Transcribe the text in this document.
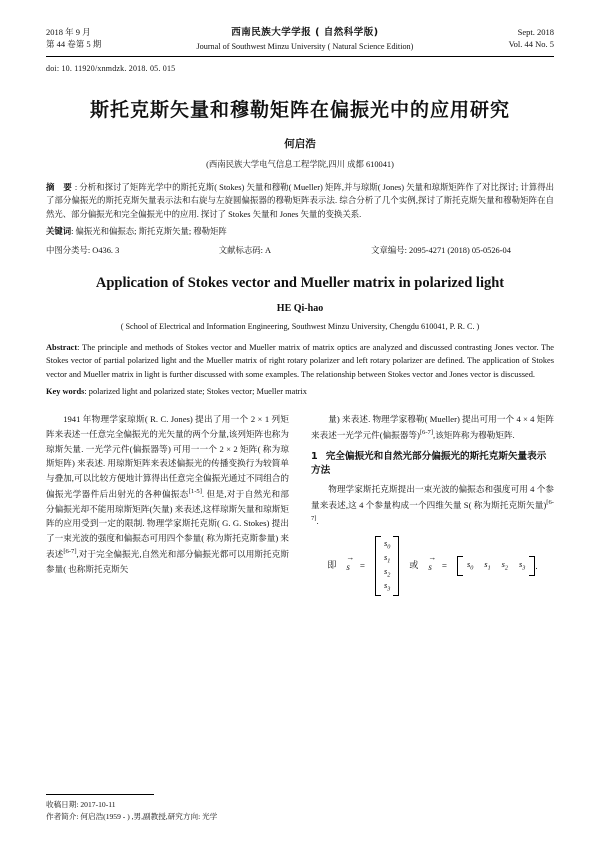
2018 年 9 月
第 44 卷第 5 期
西南民族大学学报 ( 自然科学版)
Journal of Southwest Minzu University ( Natural Science Edition)
Sept. 2018
Vol. 44 No. 5
doi: 10. 11920/xnmdzk. 2018. 05. 015
斯托克斯矢量和穆勒矩阵在偏振光中的应用研究
何启浩
(西南民族大学电气信息工程学院,四川 成都 610041)

摘 要: 分析和探讨了矩阵光学中的斯托克斯( Stokes) 矢量和穆勒( Mueller) 矩阵,并与琼斯( Jones) 矢量和琼斯矩阵作了对比探讨; 计算得出了部分偏振光的斯托克斯矢量表示法和右旋与左旋圆偏振器的穆勒矩阵表示法. 综合分析了几个实例,探讨了斯托克斯矢量和穆勒矩阵在自然光、部分偏振光和完全偏振光中的应用. 探讨了 Stokes 矢量和 Jones 矢量的变换关系.

关键词: 偏振光和偏振态; 斯托克斯矢量; 穆勒矩阵
中图分类号: O436. 3	文献标志码: A	文章编号: 2095-4271 (2018) 05-0526-04
Application of Stokes vector and Mueller matrix in polarized light
HE Qi-hao
( School of Electrical and Information Engineering, Southwest Minzu University, Chengdu 610041, P. R. C. )
Abstract: The principle and methods of Stokes vector and Mueller matrix of matrix optics are analyzed and discussed contrasting Jones vector. The Stokes vector of partial polarized light and the Mueller matrix of right rotary polarizer and left rotary polarizer are defined. The application of Stokes vector and Mueller matrix in light is further discussed with some examples. The relationship between Stokes vector and Jones vector is discussed.
Key words: polarized light and polarized state; Stokes vector; Mueller matrix

1941 年物理学家琼斯( R. C. Jones) 提出了用一个 2 × 1 列矩阵来表述一任意完全偏振光的光矢量的两个分量,该列矩阵也称为琼斯矢量. 一光学元件(偏振器等) 可用一一个 2 × 2 矩阵( 称为琼斯矩阵) 来表述. 用琼斯矩阵来表述偏振光的传播变换行为较简单与叠加,可以比较方便地计算得出任意完全偏振光通过不同组合的偏振光学器件后出射光的各种偏振态[1-5]. 但是,对于自然光和部分偏振光却不能用琼斯矩阵(矢量) 来表述,这样琼斯矢量和琼斯矩阵的应用受到一定的限制. 物理学家斯托克斯( G. G. Stokes) 提出了一束光波的强度和偏振态可用四个参量( 称为斯托克斯参量) 来表述[6-7],对于完全偏振光,自然光和部分偏振光都可以用斯托克斯参量( 也称斯托克斯矢

量) 来表述. 物理学家穆勒( Mueller) 提出可用一个 4 × 4 矩阵来表述一光学元件(偏振器等)[6-7],该矩阵称为穆勒矩阵.

1 完全偏振光和自然光部分偏振光的斯托克斯矢量表示方法

物理学家斯托克斯提出一束光波的偏振态和强度可用 4 个参量来表述,这 4 个参量构成一个四维矢量 S( 称为斯托克斯矢量)[6-7].

即 → s =
$s_0$
$s_1$
$s_2$
$s_3$
或 → $s = s_0$ $s_1$ $s_2$ $s_3$ .
收稿日期: 2017-10-11
作者简介: 何启浩(1959 - ) ,男,副教授,研究方向: 光学
